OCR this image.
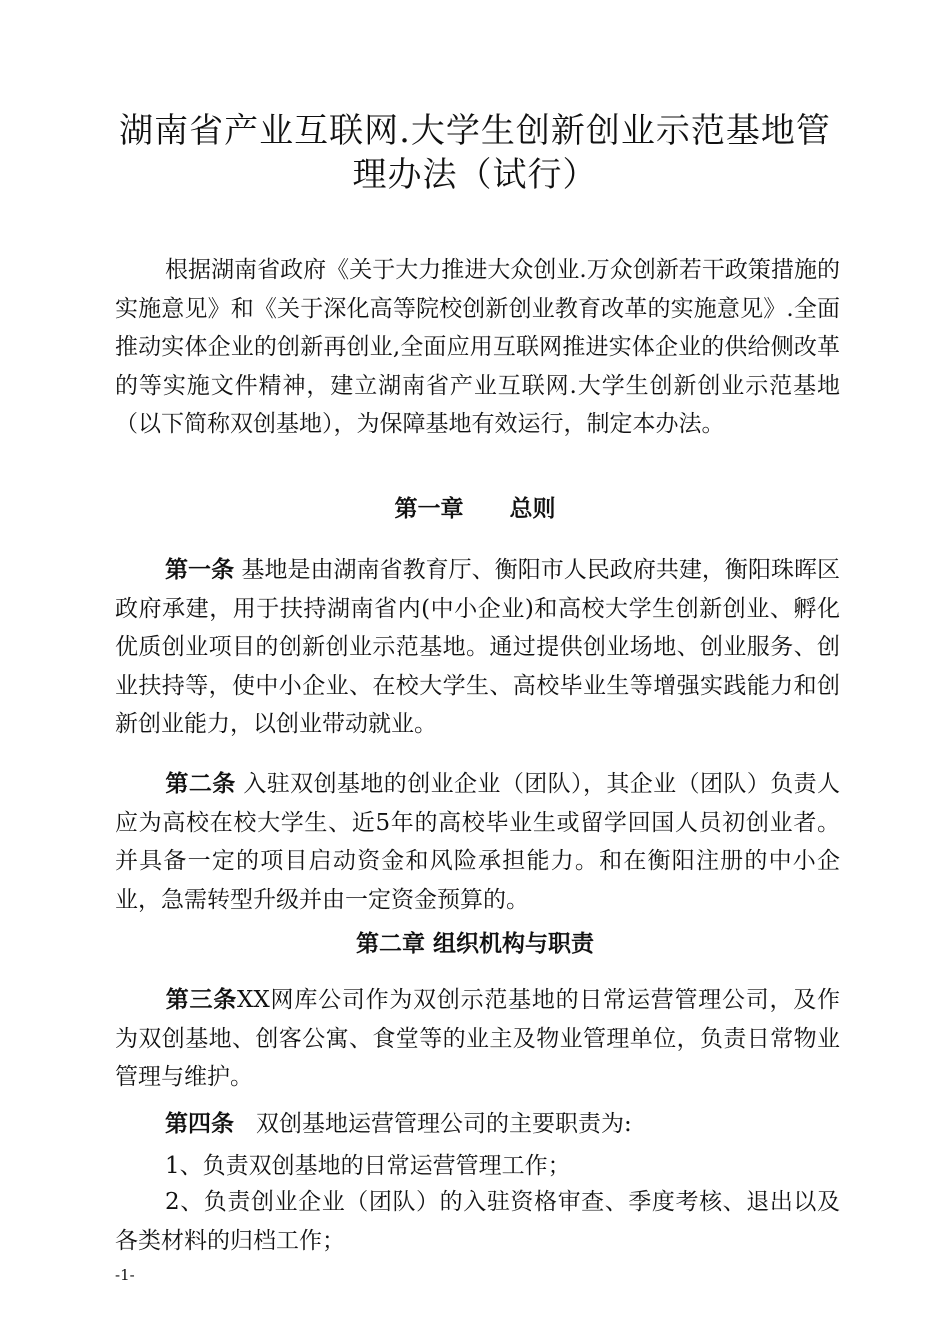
湖南省产业互联网.大学生创新创业示范基地管
理办法（试行）
根据湖南省政府《关于大力推进大众创业.万众创新若干政策措施的实施意见》和《关于深化高等院校创新创业教育改革的实施意见》.全面推动实体企业的创新再创业,全面应用互联网推进实体企业的供给侧改革的等实施文件精神，建立湖南省产业互联网.大学生创新创业示范基地（以下简称双创基地），为保障基地有效运行，制定本办法。
第一章 总则
第一条 基地是由湖南省教育厅、衡阳市人民政府共建，衡阳珠晖区政府承建，用于扶持湖南省内(中小企业)和高校大学生创新创业、孵化优质创业项目的创新创业示范基地。通过提供创业场地、创业服务、创业扶持等，使中小企业、在校大学生、高校毕业生等增强实践能力和创新创业能力，以创业带动就业。
第二条 入驻双创基地的创业企业（团队），其企业（团队）负责人应为高校在校大学生、近5年的高校毕业生或留学回国人员初创业者。并具备一定的项目启动资金和风险承担能力。和在衡阳注册的中小企业，急需转型升级并由一定资金预算的。
第二章 组织机构与职责
第三条XX网库公司作为双创示范基地的日常运营管理公司，及作为双创基地、创客公寓、食堂等的业主及物业管理单位，负责日常物业管理与维护。
第四条 双创基地运营管理公司的主要职责为:
1、负责双创基地的日常运营管理工作；
2、负责创业企业（团队）的入驻资格审查、季度考核、退出以及各类材料的归档工作；
-1-
